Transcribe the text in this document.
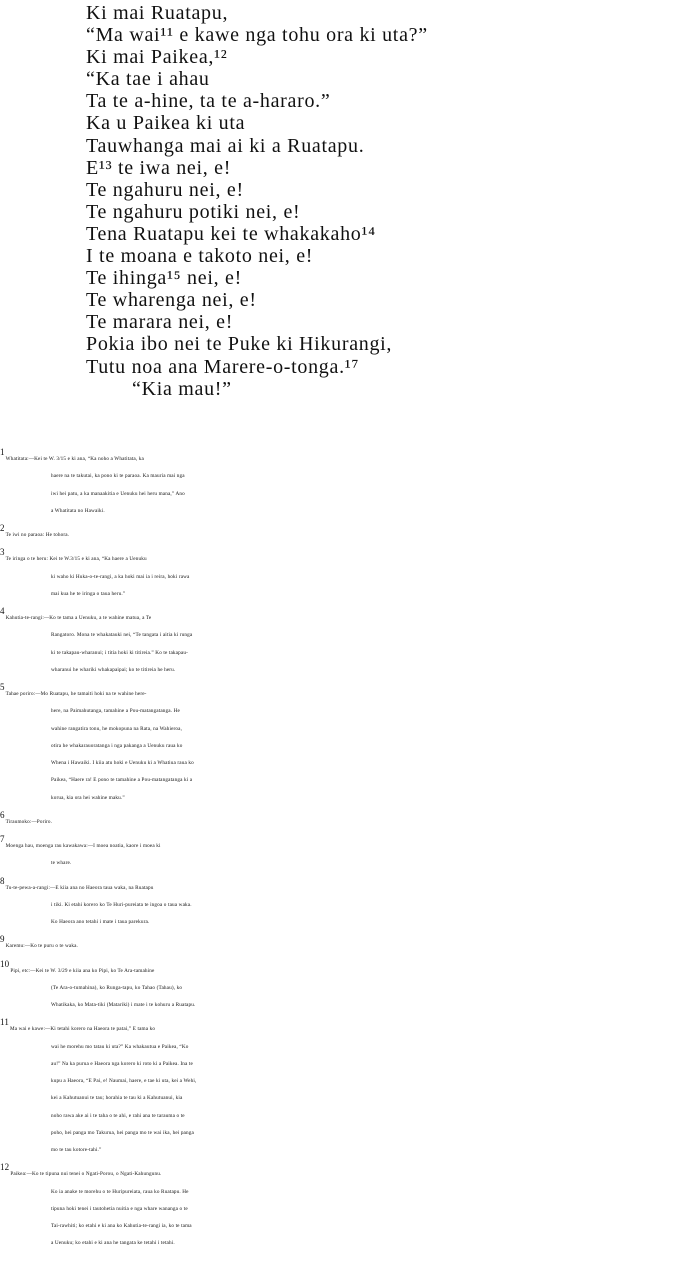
Ki mai Ruatapu,
“Ma wai¹¹ e kawe nga tohu ora ki uta?”
Ki mai Paikea,¹²
“Ka tae i ahau
Ta te a-hine, ta te a-hararo.”
Ka u Paikea ki uta
Tauwhanga mai ai ki a Ruatapu.
E¹³ te iwa nei, e!
Te ngahuru nei, e!
Te ngahuru potiki nei, e!
Tena Ruatapu kei te whakakaho¹⁴
I te moana e takoto nei, e!
Te ihinga¹⁵ nei, e!
Te wharenga nei, e!
Te marara nei, e!
Pokia ibo nei te Puke ki Hikurangi,
Tutu noa ana Marere-o-tonga.¹⁷
“Kia mau!”
1Whatitata:—Kei te W. 3/15 e ki ana, “Ka noho a Whatitata, ka
haere na te takutai, ka pono ki te paraoa. Ka mauria mai nga
iwi hei patu, a ka manaakitia e Uenuku hei heru mana,” Ano
a Whatitata no Hawaiki.
2Te iwi no paraoa: He tohora.
3Te iringa o te heru: Kei te W.3/15 e ki ana, “Ka haere a Uenuku
ki waho ki Huka-o-te-rangi, a ka hoki mai ia i reira, hoki rawa
mai kua he te iringa o taua heru.”
4Kahutia-te-rangi:—Ko te tama a Uenuku, a te wahine matua, a Te
Rangatoro. Mona te whakatauki nei, “Te tangata i aitia ki runga
ki te takapau-wharanui; i titia hoki ki titireia.” Ko te takapau-
wharanui he whariki whakapaipai; ko te titireia he heru.
5Tahae poriro:—Mo Ruatapu, he tamaiti hoki na te wahine here-
here, na Paimahutanga, tamahine a Pou-matangatanga. He
wahine rangatira tonu, he mokopuna na Rata, na Wahieroa,
otira he whakarauoratanga i nga pakanga a Uenuku raua ko
Whena i Hawaiki. I kiia atu hoki e Uenuku ki a Whatiua raua ko
Paikea, “Haere ra! E pono te tamahine a Pou-matangatanga ki a
korua, kia ora hei wahine maku.”
6Tiraumoko:—Poriro.
7Moenga hau, moenga rau kawakawa:—I moea noatia, kaore i moea ki
te whare.
8Tu-te-pewa-a-rangi:—E kiia ana no Haeora taua waka, na Ruatapu
i tiki. Ki etahi korero ko Te Huri-pureiata te ingoa o taua waka.
Ko Haeora ano tetahi i mate i taua parekura.
9Karemu:—Ko te puru o te waka.
10Pipi, etc:—Kei te W. 3/29 e kiia ana ko Pipi, ko Te Ara-tamahine
(Te Ara-o-tumahina), ko Runga-tapu, ko Tahao (Tahau), ko
Whatikaka, ko Mata-tiki (Matariki) i mate i te kohuru a Ruatapu.
11Ma wai e kawe:—Ki tetahi korero na Haeora te patai,” E tama ko
wai he morehu mo tatau ki uta?” Ka whakautua e Paikea, “Ko
au!” Na ka purua e Haeora nga korero ki roto ki a Paikea. Ina te
kupu a Haeora, “E Pai, e! Naumai, haere, e tae ki uta, kei a Wehi,
kei a Kahutuanui te tau; horahia te tau ki a Kahutuanui, kia
noho rawa ake ai i te taha o te ahi, e rahi ana te tarauma o te
poho, hei panga mo Takurua, hei panga mo te wai ika, hei panga
mo te tau kotore-tahi.”
12Paikea:—Ko te tipuna nui tenei o Ngati-Porou, o Ngati-Kahungunu.
Ko ia anake te morehu o te Huripureiata, raua ko Ruatapu. He
tipuna hoki tenei i tautohetia nuitia e nga whare wananga o te
Tai-rawhiti; ko etahi e ki ana ko Kahutia-te-rangi ia, ko te tama
a Uenuku; ko etahi e ki ana he tangata ke tetahi i tetahi.
